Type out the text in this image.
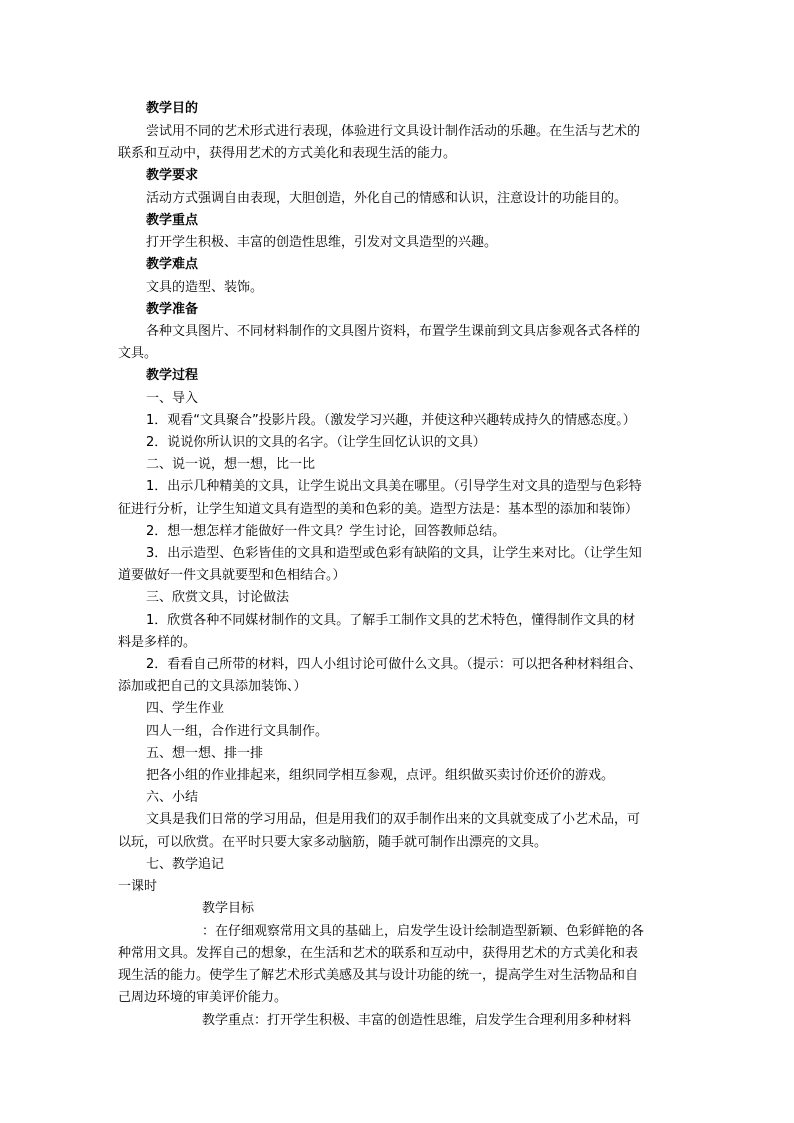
教学目的
尝试用不同的艺术形式进行表现，体验进行文具设计制作活动的乐趣。在生活与艺术的
联系和互动中，获得用艺术的方式美化和表现生活的能力。
教学要求
活动方式强调自由表现，大胆创造，外化自己的情感和认识，注意设计的功能目的。
教学重点
打开学生积极、丰富的创造性思维，引发对文具造型的兴趣。
教学难点
文具的造型、装饰。
教学准备
各种文具图片、不同材料制作的文具图片资料，布置学生课前到文具店参观各式各样的
文具。
教学过程
一、导入
1．观看“文具聚合”投影片段。（激发学习兴趣，并使这种兴趣转成持久的情感态度。）
2．说说你所认识的文具的名字。（让学生回忆认识的文具）
二、说一说，想一想，比一比
1．出示几种精美的文具，让学生说出文具美在哪里。（引导学生对文具的造型与色彩特
征进行分析，让学生知道文具有造型的美和色彩的美。造型方法是：基本型的添加和装饰）
2．想一想怎样才能做好一件文具？学生讨论，回答教师总结。
3．出示造型、色彩皆佳的文具和造型或色彩有缺陷的文具，让学生来对比。（让学生知
道要做好一件文具就要型和色相结合。）
三、欣赏文具，讨论做法
1．欣赏各种不同媒材制作的文具。了解手工制作文具的艺术特色，懂得制作文具的材
料是多样的。
2．看看自己所带的材料，四人小组讨论可做什么文具。（提示：可以把各种材料组合、
添加或把自己的文具添加装饰、）
四、学生作业
四人一组，合作进行文具制作。
五、想一想、排一排
把各小组的作业排起来，组织同学相互参观，点评。组织做买卖讨价还价的游戏。
六、小结
文具是我们日常的学习用品，但是用我们的双手制作出来的文具就变成了小艺术品，可
以玩，可以欣赏。在平时只要大家多动脑筋，随手就可制作出漂亮的文具。
七、教学追记
一课时
教学目标
：在仔细观察常用文具的基础上，启发学生设计绘制造型新颖、色彩鲜艳的各
种常用文具。发挥自己的想象，在生活和艺术的联系和互动中，获得用艺术的方式美化和表
现生活的能力。使学生了解艺术形式美感及其与设计功能的统一，提高学生对生活物品和自
己周边环境的审美评价能力。
教学重点：打开学生积极、丰富的创造性思维，启发学生合理利用多种材料
